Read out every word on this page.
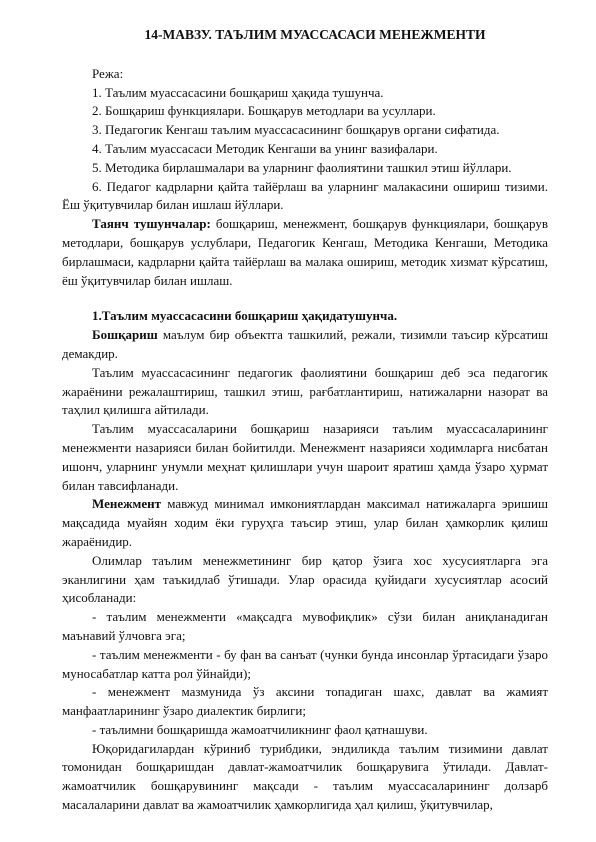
14-МАВЗУ. ТАЪЛИМ МУАССАСАСИ МЕНЕЖМЕНТИ

Режа:

1. Таълим муассасасини бошқариш ҳақида тушунча.

2. Бошқариш функциялари. Бошқарув методлари ва усуллари.

3. Педагогик Кенгаш таълим муассасасининг бошқарув органи сифатида.

4. Таълим муассасаси Методик Кенгаши ва унинг вазифалари.

5. Методика бирлашмалари ва уларнинг фаолиятини ташкил этиш йўллари.

6. Педагог кадрларни қайта тайёрлаш ва уларнинг малакасини ошириш тизими. Ёш ўқитувчилар билан ишлаш йўллари.

Таянч тушунчалар: бошқариш, менежмент, бошқарув функциялари, бошқарув методлари, бошқарув услублари, Педагогик Кенгаш, Методика Кенгаши, Методика бирлашмаси, кадрларни қайта тайёрлаш ва малака ошириш, методик хизмат кўрсатиш, ёш ўқитувчилар билан ишлаш.

1.Таълим муассасасини бошқариш ҳақидатушунча.

Бошқариш маълум бир объектга ташкилий, режали, тизимли таъсир кўрсатиш демакдир.

Таълим муассасасининг педагогик фаолиятини бошқариш деб эса педагогик жараёнини режалаштириш, ташкил этиш, рағбатлантириш, натижаларни назорат ва таҳлил қилишга айтилади.

Таълим муассасаларини бошқариш назарияси таълим муассасаларининг менежменти назарияси билан бойитилди. Менежмент назарияси ходимларга нисбатан ишонч, уларнинг унумли меҳнат қилишлари учун шароит яратиш ҳамда ўзаро ҳурмат билан тавсифланади.

Менежмент мавжуд минимал имкониятлардан максимал натижаларга эришиш мақсадида муайян ходим ёки гуруҳга таъсир этиш, улар билан ҳамкорлик қилиш жараёнидир.

Олимлар таълим менежметининг бир қатор ўзига хос хусусиятларга эга эканлигини ҳам таъкидлаб ўтишади. Улар орасида қуйидаги хусусиятлар асосий ҳисобланади:

- таълим менежменти «мақсадга мувофиқлик» сўзи билан аниқланадиган маънавий ўлчовга эга;

- таълим менежменти - бу фан ва санъат (чунки бунда инсонлар ўртасидаги ўзаро муносабатлар катта рол ўйнайди);

- менежмент мазмунида ўз аксини топадиган шахс, давлат ва жамият манфаатларининг ўзаро диалектик бирлиги;

- таълимни бошқаришда жамоатчиликнинг фаол қатнашуви.

Юқоридагилардан кўриниб турибдики, эндиликда таълим тизимини давлат томонидан бошқаришдан давлат-жамоатчилик бошқарувига ўтилади. Давлат-жамоатчилик бошқарувининг мақсади - таълим муассасаларининг долзарб масалаларини давлат ва жамоатчилик ҳамкорлигида ҳал қилиш, ўқитувчилар,
